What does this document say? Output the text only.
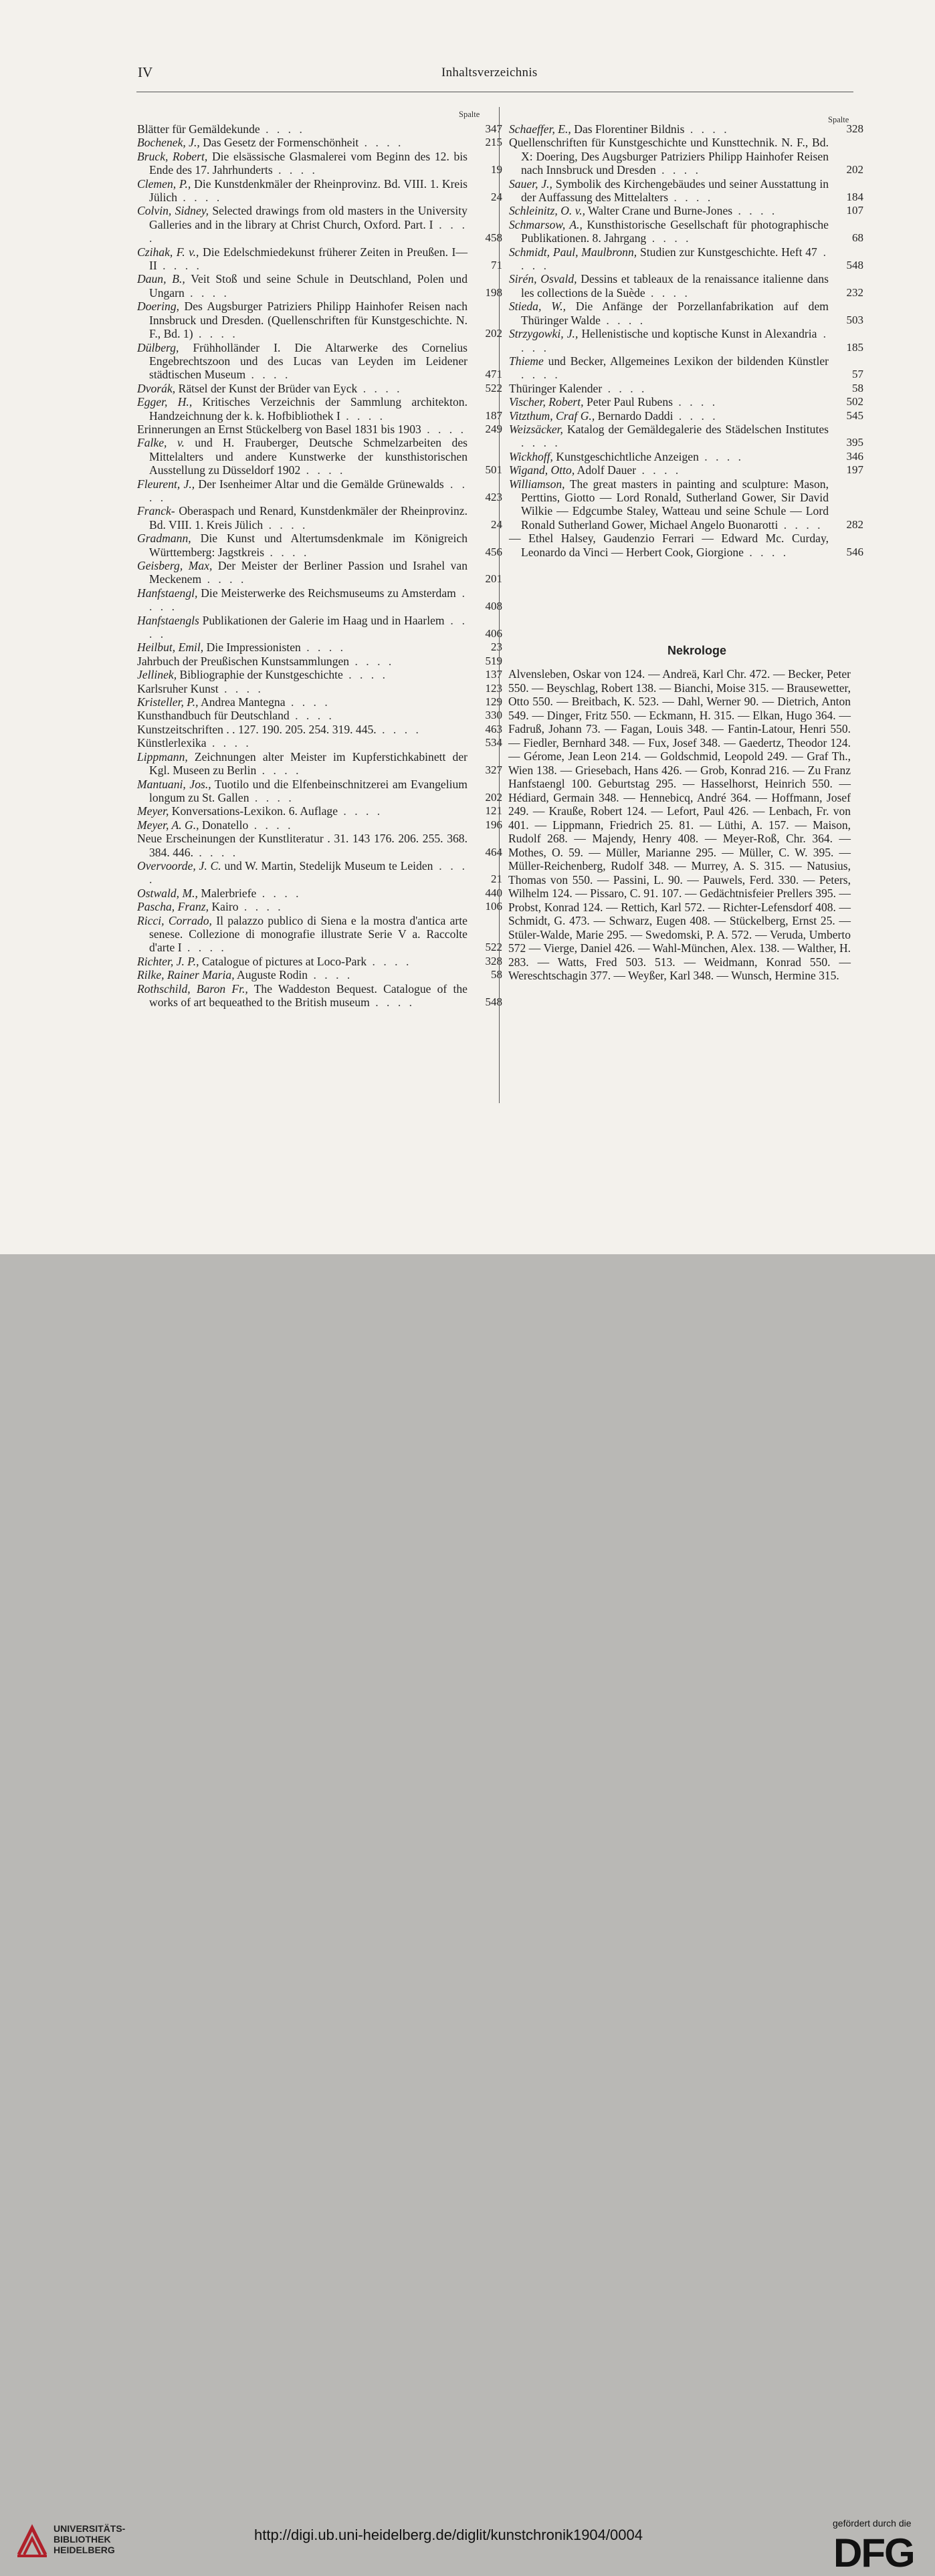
IV	Inhaltsverzeichnis
Spalte
Spalte

Blätter für Gemäldekunde . . . .	347

Bochenek, J., Das Gesetz der Formenschönheit . . . .	215

Bruck, Robert, Die elsässische Glasmalerei vom Beginn des 12. bis Ende des 17. Jahrhunderts . . . .	19

Clemen, P., Die Kunstdenkmäler der Rheinprovinz. Bd. VIII. 1. Kreis Jülich . . . .	24

Colvin, Sidney, Selected drawings from old masters in the University Galleries and in the library at Christ Church, Oxford. Part. I . . . .	458

Czihak, F. v., Die Edelschmiedekunst früherer Zeiten in Preußen. I—II . . . .	71

Daun, B., Veit Stoß und seine Schule in Deutschland, Polen und Ungarn . . . .	198

Doering, Des Augsburger Patriziers Philipp Hainhofer Reisen nach Innsbruck und Dresden. (Quellenschriften für Kunstgeschichte. N. F., Bd. 1) . . . .	202

Dülberg, Frühholländer I. Die Altarwerke des Cornelius Engebrechtszoon und des Lucas van Leyden im Leidener städtischen Museum . . . .	471

Dvorák, Rätsel der Kunst der Brüder van Eyck . . . .	522

Egger, H., Kritisches Verzeichnis der Sammlung architekton. Handzeichnung der k. k. Hofbibliothek I . . . .	187

Erinnerungen an Ernst Stückelberg von Basel 1831 bis 1903 . . . .	249

Falke, v. und H. Frauberger, Deutsche Schmelzarbeiten des Mittelalters und andere Kunstwerke der kunsthistorischen Ausstellung zu Düsseldorf 1902 . . . .	501

Fleurent, J., Der Isenheimer Altar und die Gemälde Grünewalds . . . .	423

Franck- Oberaspach und Renard, Kunstdenkmäler der Rheinprovinz. Bd. VIII. 1. Kreis Jülich . . . .	24

Gradmann, Die Kunst und Altertumsdenkmale im Königreich Württemberg: Jagstkreis . . . .	456

Geisberg, Max, Der Meister der Berliner Passion und Israhel van Meckenem . . . .	201

Hanfstaengl, Die Meisterwerke des Reichsmuseums zu Amsterdam . . . .	408

Hanfstaengls Publikationen der Galerie im Haag und in Haarlem . . . .	406

Heilbut, Emil, Die Impressionisten . . . .	23

Jahrbuch der Preußischen Kunstsammlungen . . . .	519

Jellinek, Bibliographie der Kunstgeschichte . . . .	137

Karlsruher Kunst . . . .	123

Kristeller, P., Andrea Mantegna . . . .	129

Kunsthandbuch für Deutschland . . . .	330

Kunstzeitschriften . . 127. 190. 205. 254. 319. 445. . . . .	463

Künstlerlexika . . . .	534

Lippmann, Zeichnungen alter Meister im Kupferstichkabinett der Kgl. Museen zu Berlin . . . .	327

Mantuani, Jos., Tuotilo und die Elfenbeinschnitzerei am Evangelium longum zu St. Gallen . . . .	202

Meyer, Konversations-Lexikon. 6. Auflage . . . .	121

Meyer, A. G., Donatello . . . .	196

Neue Erscheinungen der Kunstliteratur . 31. 143 176. 206. 255. 368. 384. 446. . . . .	464

Overvoorde, J. C. und W. Martin, Stedelijk Museum te Leiden . . . .	21

Ostwald, M., Malerbriefe . . . .	440

Pascha, Franz, Kairo . . . .	106

Ricci, Corrado, Il palazzo publico di Siena e la mostra d'antica arte senese. Collezione di monografie illustrate Serie V a. Raccolte d'arte I . . . .	522

Richter, J. P., Catalogue of pictures at Loco-Park . . . .	328

Rilke, Rainer Maria, Auguste Rodin . . . .	58

Rothschild, Baron Fr., The Waddeston Bequest. Catalogue of the works of art bequeathed to the British museum . . . .	548

Schaeffer, E., Das Florentiner Bildnis . . . .	328

Quellenschriften für Kunstgeschichte und Kunsttechnik. N. F., Bd. X: Doering, Des Augsburger Patriziers Philipp Hainhofer Reisen nach Innsbruck und Dresden . . . .	202

Sauer, J., Symbolik des Kirchengebäudes und seiner Ausstattung in der Auffassung des Mittelalters . . . .	184

Schleinitz, O. v., Walter Crane und Burne-Jones . . . .	107

Schmarsow, A., Kunsthistorische Gesellschaft für photographische Publikationen. 8. Jahrgang . . . .	68

Schmidt, Paul, Maulbronn, Studien zur Kunstgeschichte. Heft 47 . . . .	548

Sirén, Osvald, Dessins et tableaux de la renaissance italienne dans les collections de la Suède . . . .	232

Stieda, W., Die Anfänge der Porzellanfabrikation auf dem Thüringer Walde . . . .	503

Strzygowki, J., Hellenistische und koptische Kunst in Alexandria . . . .	185

Thieme und Becker, Allgemeines Lexikon der bildenden Künstler . . . .	57

Thüringer Kalender . . . .	58

Vischer, Robert, Peter Paul Rubens . . . .	502

Vitzthum, Craf G., Bernardo Daddi . . . .	545

Weizsäcker, Katalog der Gemäldegalerie des Städelschen Institutes . . . .	395

Wickhoff, Kunstgeschichtliche Anzeigen . . . .	346

Wigand, Otto, Adolf Dauer . . . .	197

Williamson, The great masters in painting and sculpture: Mason, Perttins, Giotto — Lord Ronald, Sutherland Gower, Sir David Wilkie — Edgcumbe Staley, Watteau und seine Schule — Lord Ronald Sutherland Gower, Michael Angelo Buonarotti . . . .	282

— Ethel Halsey, Gaudenzio Ferrari — Edward Mc. Curday, Leonardo da Vinci — Herbert Cook, Giorgione . . . .	546

Nekrologe
Alvensleben, Oskar von 124. — Andreä, Karl Chr. 472. — Becker, Peter 550. — Beyschlag, Robert 138. — Bianchi, Moise 315. — Brausewetter, Otto 550. — Breitbach, K. 523. — Dahl, Werner 90. — Dietrich, Anton 549. — Dinger, Fritz 550. — Eckmann, H. 315. — Elkan, Hugo 364. — Fadruß, Johann 73. — Fagan, Louis 348. — Fantin-Latour, Henri 550. — Fiedler, Bernhard 348. — Fux, Josef 348. — Gaedertz, Theodor 124. — Gérome, Jean Leon 214. — Goldschmid, Leopold 249. — Graf Th., Wien 138. — Griesebach, Hans 426. — Grob, Konrad 216. — Zu Franz Hanfstaengl 100. Geburtstag 295. — Hasselhorst, Heinrich 550. — Hédiard, Germain 348. — Hennebicq, André 364. — Hoffmann, Josef 249. — Krauße, Robert 124. — Lefort, Paul 426. — Lenbach, Fr. von 401. — Lippmann, Friedrich 25. 81. — Lüthi, A. 157. — Maison, Rudolf 268. — Majendy, Henry 408. — Meyer-Roß, Chr. 364. — Mothes, O. 59. — Müller, Marianne 295. — Müller, C. W. 395. — Müller-Reichenberg, Rudolf 348. — Murrey, A. S. 315. — Natusius, Thomas von 550. — Passini, L. 90. — Pauwels, Ferd. 330. — Peters, Wilhelm 124. — Pissaro, C. 91. 107. — Gedächtnisfeier Prellers 395. — Probst, Konrad 124. — Rettich, Karl 572. — Richter-Lefensdorf 408. — Schmidt, G. 473. — Schwarz, Eugen 408. — Stückelberg, Ernst 25. — Stüler-Walde, Marie 295. — Swedomski, P. A. 572. — Veruda, Umberto 572 — Vierge, Daniel 426. — Wahl-München, Alex. 138. — Walther, H. 283. — Watts, Fred 503. 513. — Weidmann, Konrad 550. — Wereschtschagin 377. — Weyßer, Karl 348. — Wunsch, Hermine 315.
UNIVERSITÄTS-
BIBLIOTHEK
HEIDELBERG
http://digi.ub.uni-heidelberg.de/diglit/kunstchronik1904/0004
gefördert durch die
DFG
